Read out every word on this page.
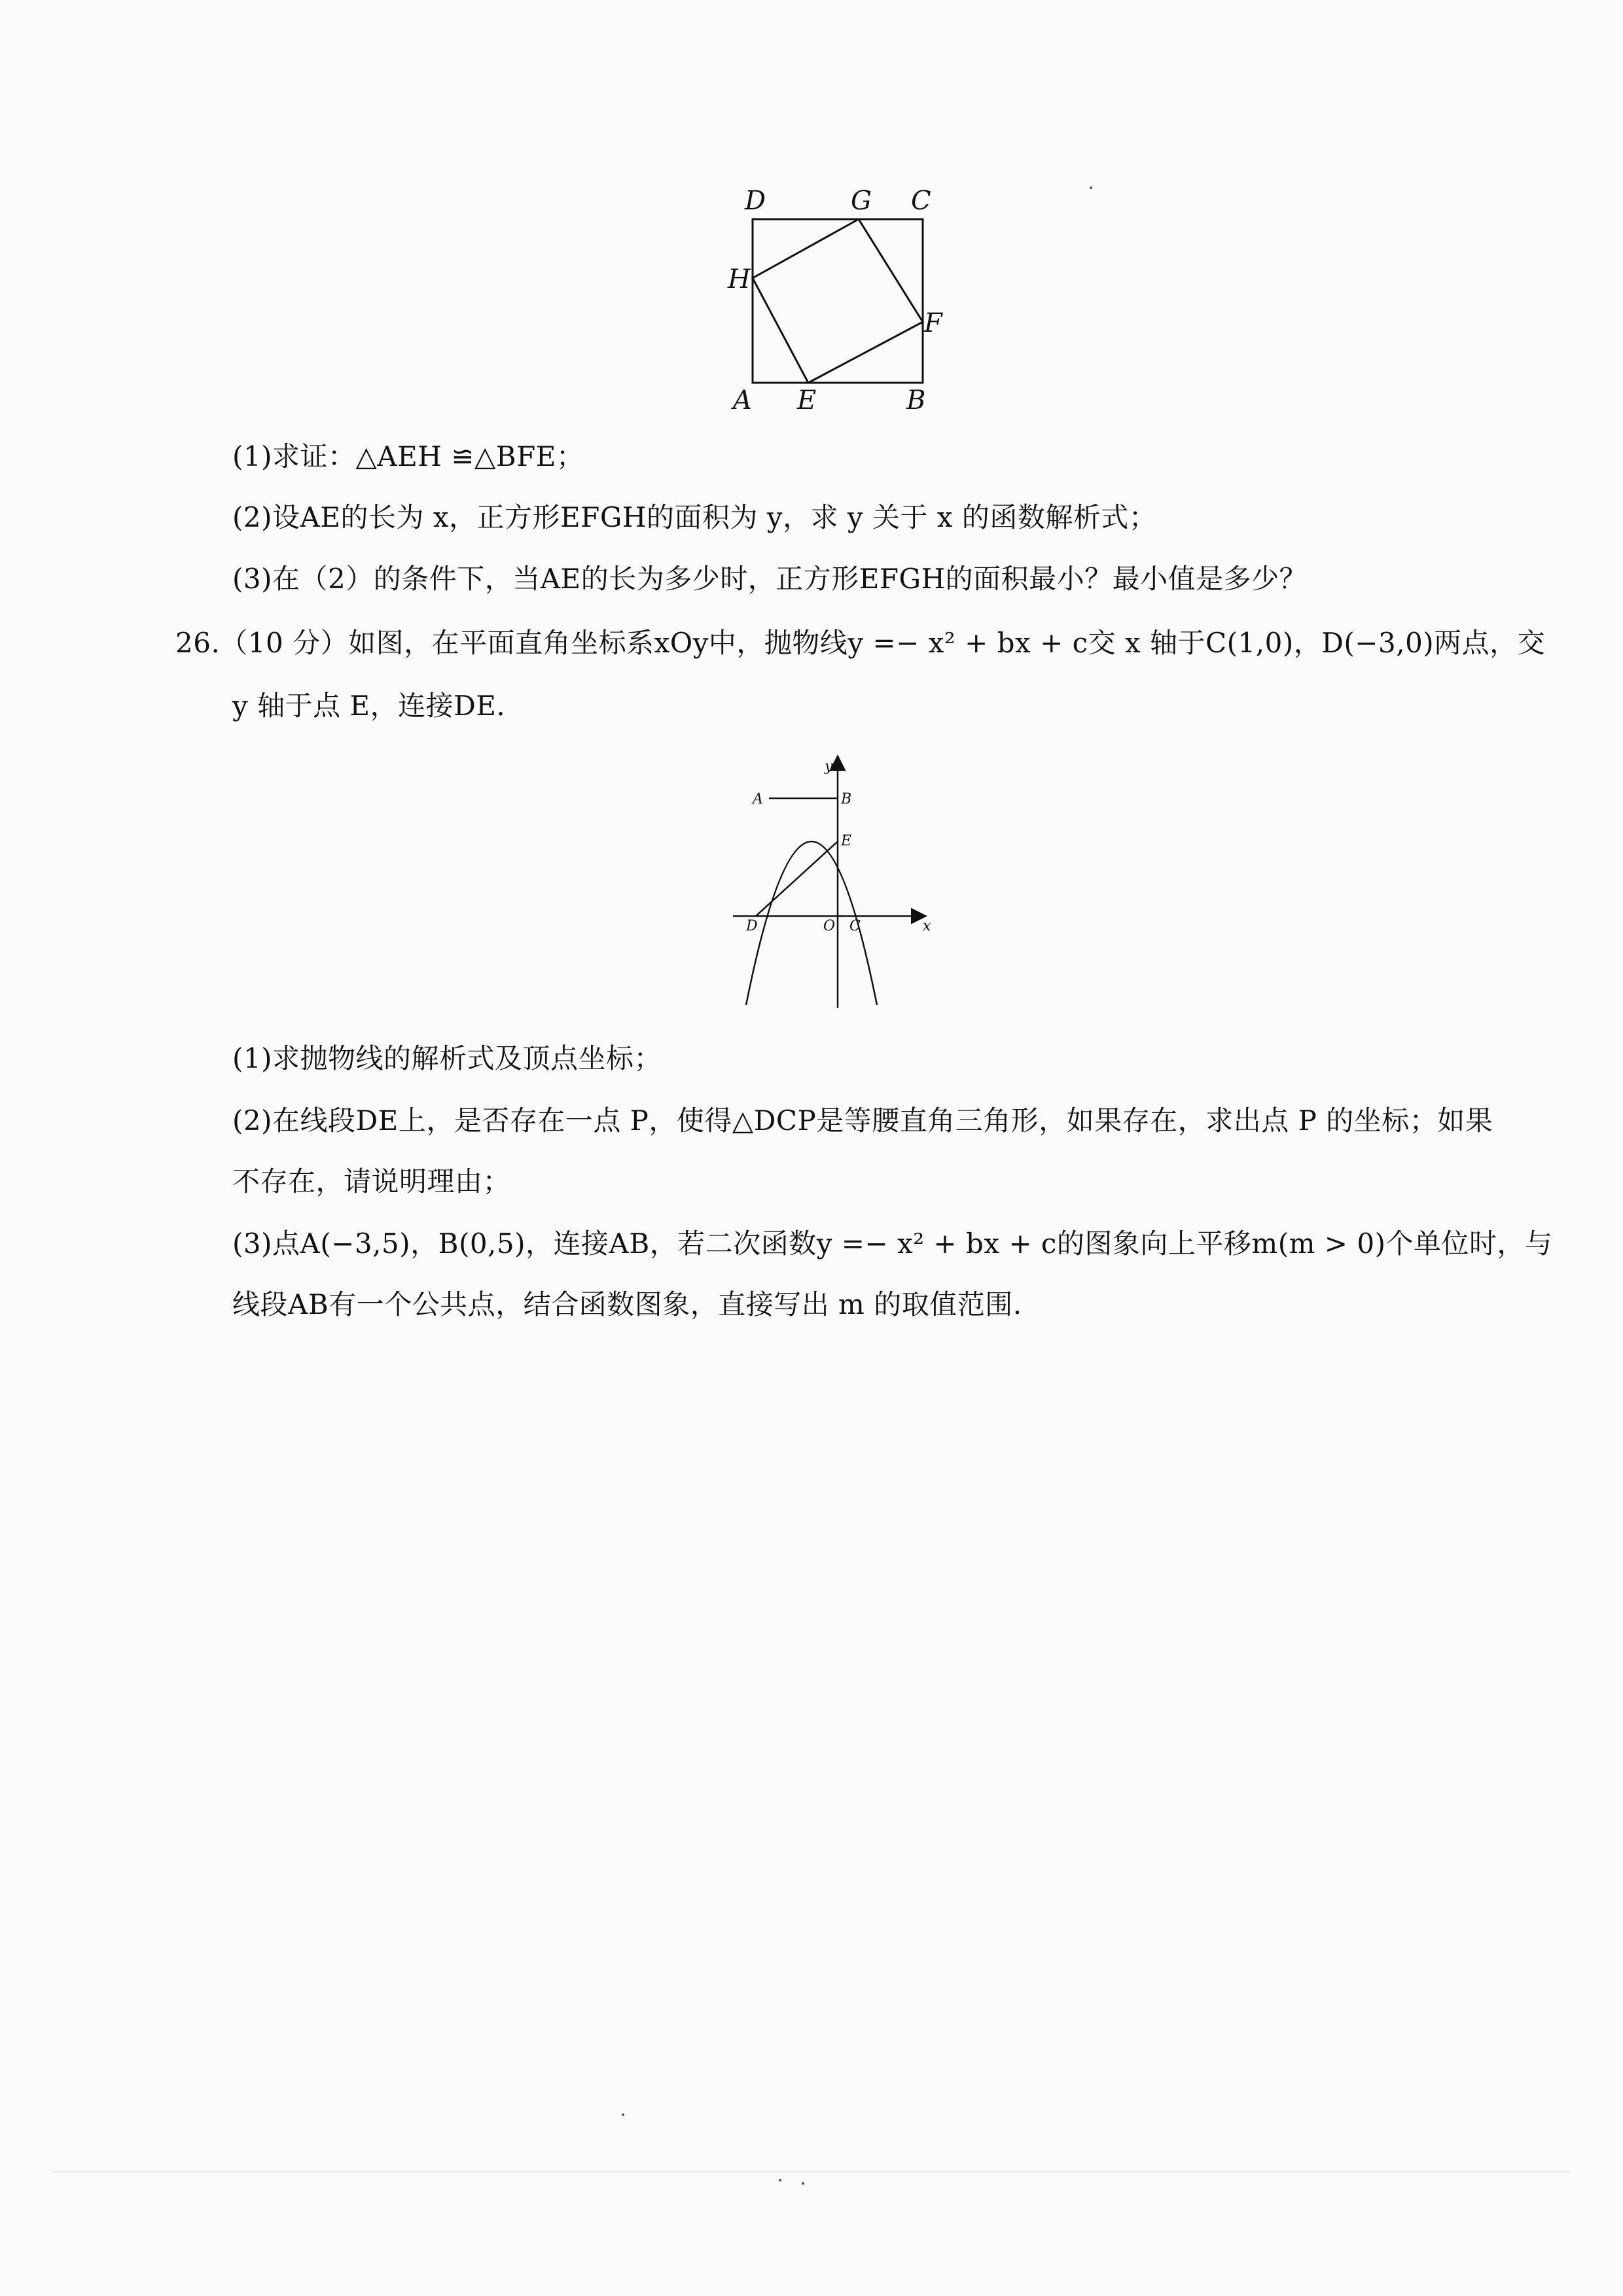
D	G C
H
F
A E	B

(1)求证：△AEH ≌△BFE；

(2)设AE的长为 x，正方形EFGH的面积为 y，求 y 关于 x 的函数解析式；

(3)在（2）的条件下，当AE的长为多少时，正方形EFGH的面积最小？最小值是多少？

26.（10 分）如图，在平面直角坐标系xOy中，抛物线y =− x² + bx + c交 x 轴于C(1,0)，D(−3,0)两点，交

y 轴于点 E，连接DE.

y
x
A	B
E
D	O C

(1)求抛物线的解析式及顶点坐标；

(2)在线段DE上，是否存在一点 P，使得△DCP是等腰直角三角形，如果存在，求出点 P 的坐标；如果

不存在，请说明理由；

(3)点A(−3,5)，B(0,5)，连接AB，若二次函数y =− x² + bx + c的图象向上平移m(m > 0)个单位时，与

线段AB有一个公共点，结合函数图象，直接写出 m 的取值范围.
